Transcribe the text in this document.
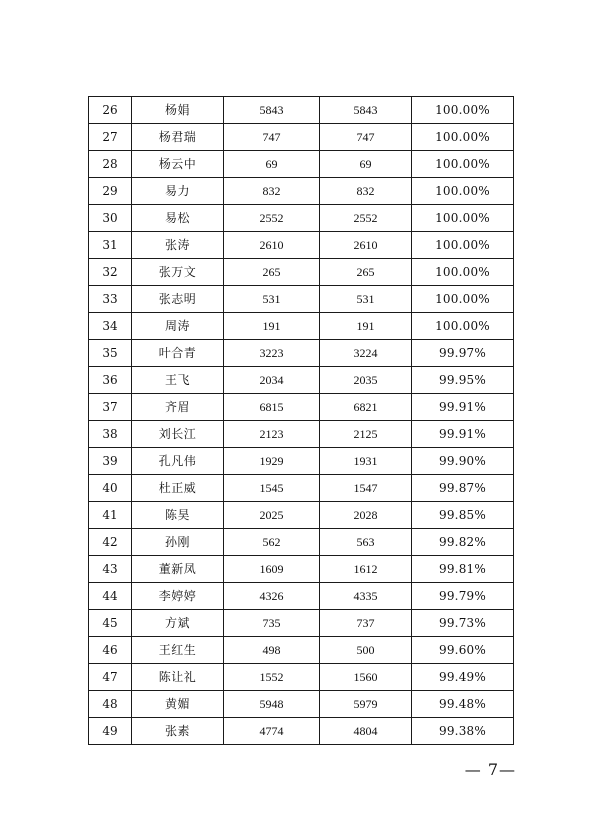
26	杨娟	5843	5843	100.00%
27	杨君瑞	747	747	100.00%
28	杨云中	69	69	100.00%
29	易力	832	832	100.00%
30	易松	2552	2552	100.00%
31	张涛	2610	2610	100.00%
32	张万文	265	265	100.00%
33	张志明	531	531	100.00%
34	周涛	191	191	100.00%
35	叶合青	3223	3224	99.97%
36	王飞	2034	2035	99.95%
37	齐眉	6815	6821	99.91%
38	刘长江	2123	2125	99.91%
39	孔凡伟	1929	1931	99.90%
40	杜正威	1545	1547	99.87%
41	陈昊	2025	2028	99.85%
42	孙刚	562	563	99.82%
43	董新凤	1609	1612	99.81%
44	李婷婷	4326	4335	99.79%
45	方斌	735	737	99.73%
46	王红生	498	500	99.60%
47	陈让礼	1552	1560	99.49%
48	黄媚	5948	5979	99.48%
49	张素	4774	4804	99.38%
— 7—
